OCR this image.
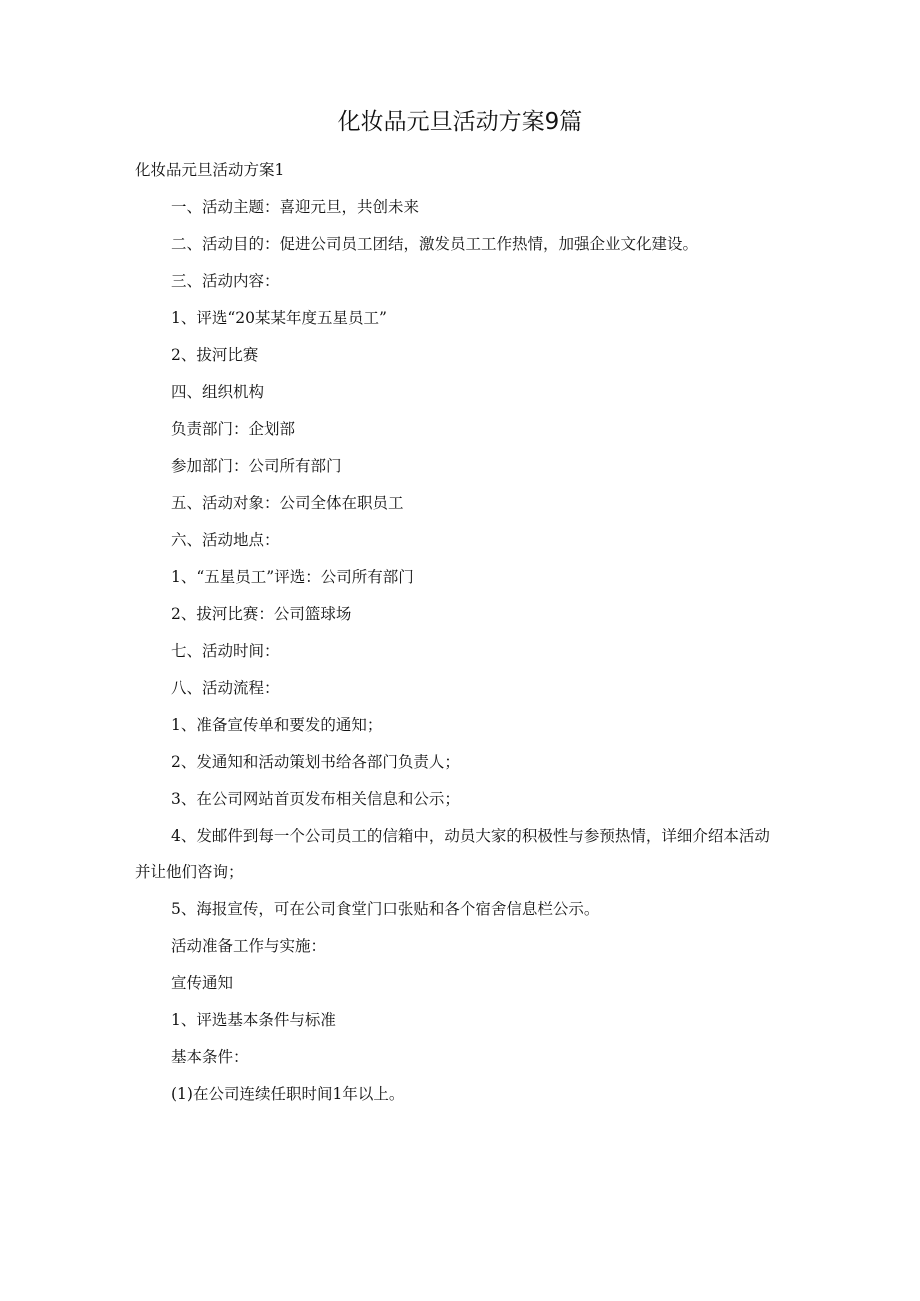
化妆品元旦活动方案9篇

化妆品元旦活动方案1

一、活动主题：喜迎元旦，共创未来

二、活动目的：促进公司员工团结，激发员工工作热情，加强企业文化建设。

三、活动内容：

1、评选“20某某年度五星员工”

2、拔河比赛

四、组织机构

负责部门：企划部

参加部门：公司所有部门

五、活动对象：公司全体在职员工

六、活动地点：

1、“五星员工”评选：公司所有部门

2、拔河比赛：公司篮球场

七、活动时间：

八、活动流程：

1、准备宣传单和要发的通知；

2、发通知和活动策划书给各部门负责人；

3、在公司网站首页发布相关信息和公示；

4、发邮件到每一个公司员工的信箱中，动员大家的积极性与参预热情，详细介绍本活动并让他们咨询；

5、海报宣传，可在公司食堂门口张贴和各个宿舍信息栏公示。

活动准备工作与实施：

宣传通知

1、评选基本条件与标准

基本条件：

(1)在公司连续任职时间1年以上。
